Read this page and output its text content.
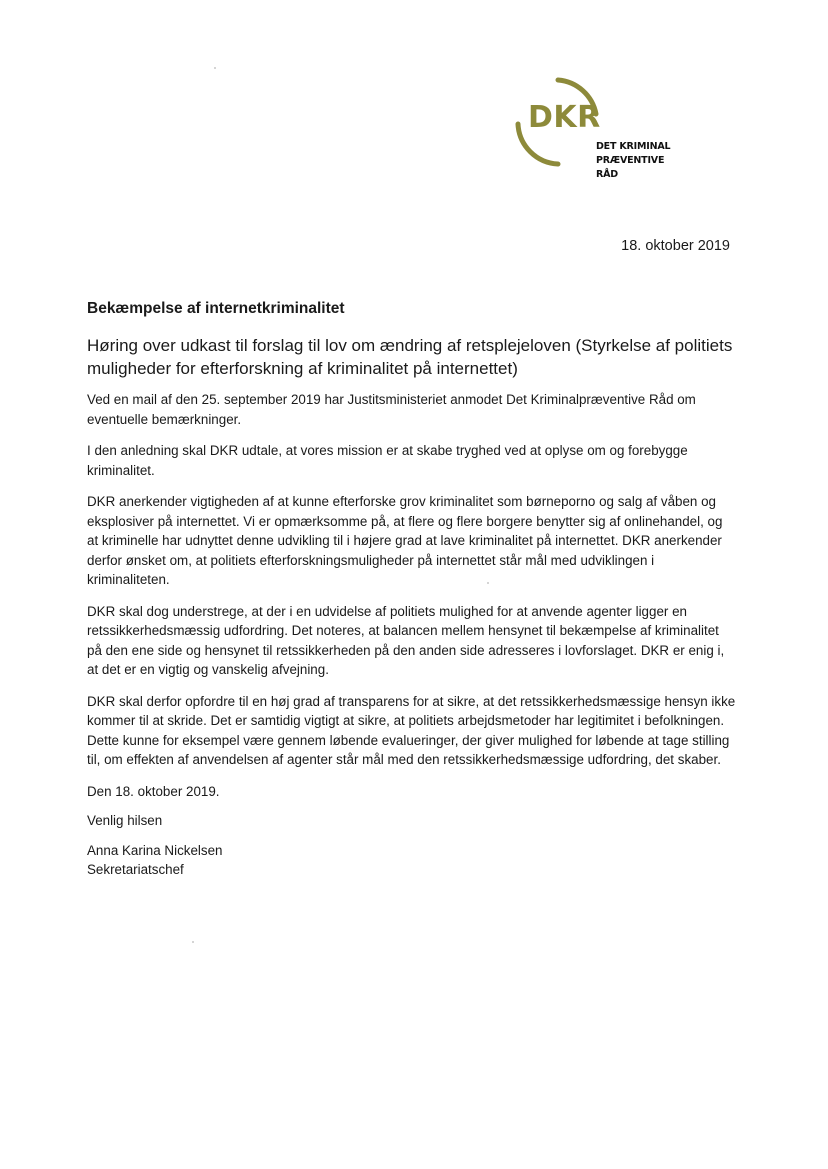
DKR
DET KRIMINAL
PRÆVENTIVE RÅD
18. oktober 2019
Bekæmpelse af internetkriminalitet
Høring over udkast til forslag til lov om ændring af retsplejeloven (Styrkelse af politiets muligheder for efterforskning af kriminalitet på internettet)
Ved en mail af den 25. september 2019 har Justitsministeriet anmodet Det Kriminalpræventive Råd om eventuelle bemærkninger.
I den anledning skal DKR udtale, at vores mission er at skabe tryghed ved at oplyse om og forebygge kriminalitet.
DKR anerkender vigtigheden af at kunne efterforske grov kriminalitet som børneporno og salg af våben og eksplosiver på internettet. Vi er opmærksomme på, at flere og flere borgere benytter sig af onlinehandel, og at kriminelle har udnyttet denne udvikling til i højere grad at lave kriminalitet på internettet. DKR anerkender derfor ønsket om, at politiets efterforskningsmuligheder på internettet står mål med udviklingen i kriminaliteten.
DKR skal dog understrege, at der i en udvidelse af politiets mulighed for at anvende agenter ligger en retssikkerhedsmæssig udfordring. Det noteres, at balancen mellem hensynet til bekæmpelse af kriminalitet på den ene side og hensynet til retssikkerheden på den anden side adresseres i lovforslaget. DKR er enig i, at det er en vigtig og vanskelig afvejning.
DKR skal derfor opfordre til en høj grad af transparens for at sikre, at det retssikkerhedsmæssige hensyn ikke kommer til at skride. Det er samtidig vigtigt at sikre, at politiets arbejdsmetoder har legitimitet i befolkningen. Dette kunne for eksempel være gennem løbende evalueringer, der giver mulighed for løbende at tage stilling til, om effekten af anvendelsen af agenter står mål med den retssikkerhedsmæssige udfordring, det skaber.
Den 18. oktober 2019.
Venlig hilsen
Anna Karina Nickelsen
Sekretariatschef
